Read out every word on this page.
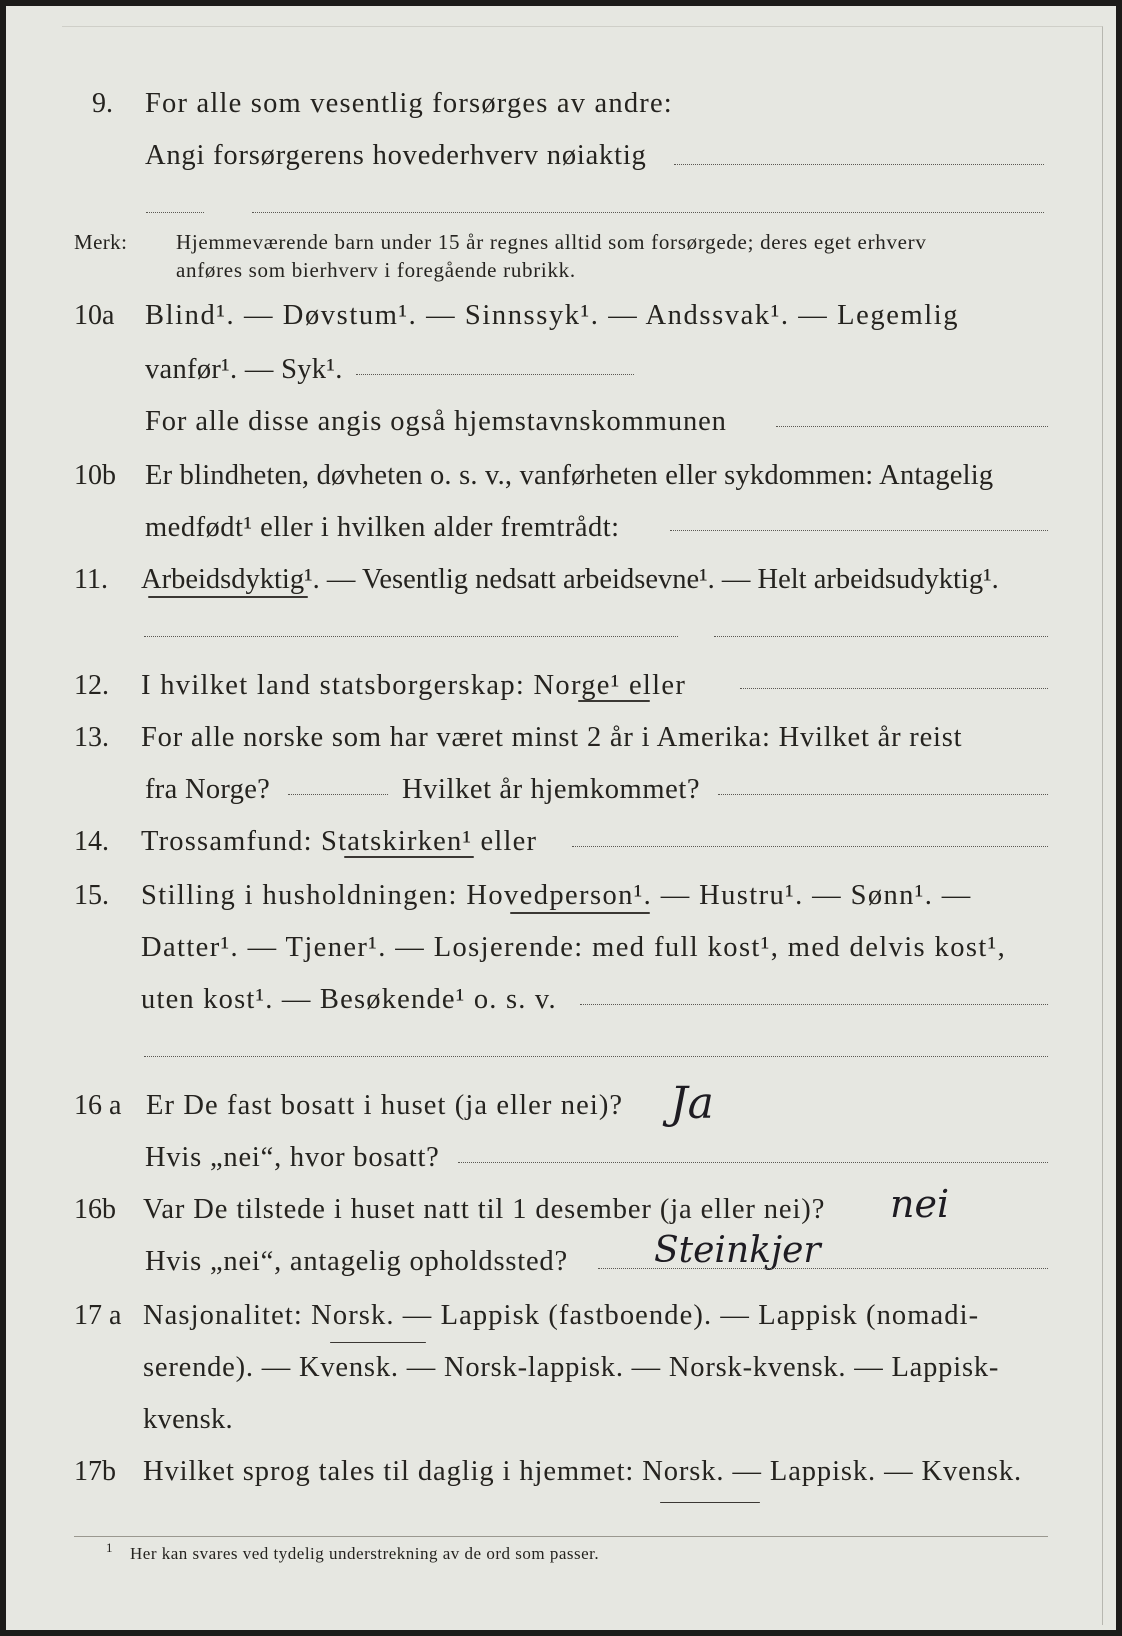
9. For alle som vesentlig forsørges av andre:
Angi forsørgerens hovederhverv nøiaktig
Merk: Hjemmeværende barn under 15 år regnes alltid som forsørgede; deres eget erhverv
anføres som bierhverv i foregående rubrikk.
10a Blind¹. — Døvstum¹. — Sinnssyk¹. — Andssvak¹. — Legemlig
vanfør¹. — Syk¹.
For alle disse angis også hjemstavnskommunen
10b Er blindheten, døvheten o. s. v., vanførheten eller sykdommen: Antagelig
medfødt¹ eller i hvilken alder fremtrådt:
11. Arbeidsdyktig¹. — Vesentlig nedsatt arbeidsevne¹. — Helt arbeidsudyktig¹.
12. I hvilket land statsborgerskap: Norge¹ eller
13. For alle norske som har været minst 2 år i Amerika: Hvilket år reist
fra Norge?	Hvilket år hjemkommet?
14. Trossamfund: Statskirken¹ eller
15. Stilling i husholdningen: Hovedperson¹. — Hustru¹. — Sønn¹. —
Datter¹. — Tjener¹. — Losjerende: med full kost¹, med delvis kost¹,
uten kost¹. — Besøkende¹ o. s. v.
16 a Er De fast bosatt i huset (ja eller nei)? Ja
Hvis „nei“, hvor bosatt?
16b Var De tilstede i huset natt til 1 desember (ja eller nei)? nei
Hvis „nei“, antagelig opholdssted? Steinkjer
17 a Nasjonalitet: Norsk. — Lappisk (fastboende). — Lappisk (nomadi-
serende). — Kvensk. — Norsk-lappisk. — Norsk-kvensk. — Lappisk-
kvensk.
17b Hvilket sprog tales til daglig i hjemmet: Norsk. — Lappisk. — Kvensk.
1 Her kan svares ved tydelig understrekning av de ord som passer.
